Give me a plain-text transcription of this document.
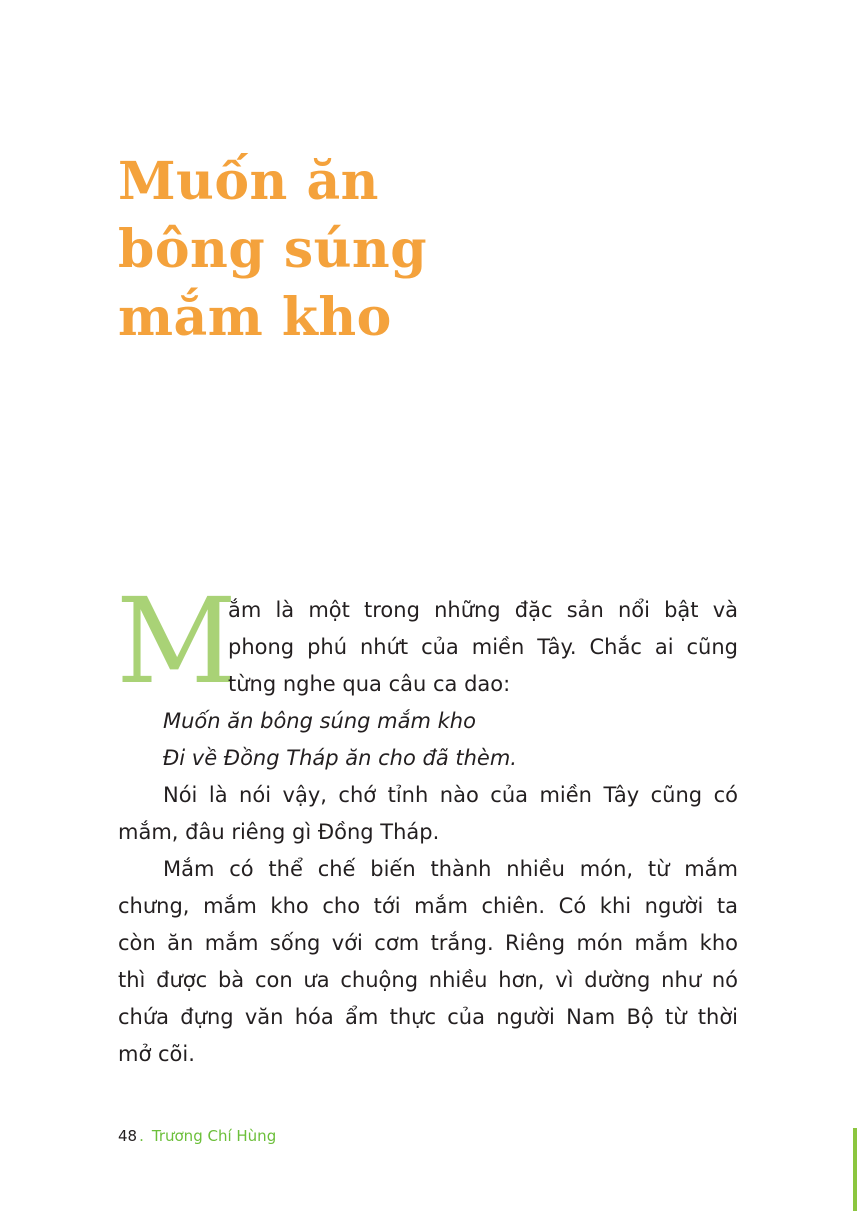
Muốn ăn
bông súng
mắm kho
M
ắm là một trong những đặc sản nổi bật và
phong phú nhứt của miền Tây. Chắc ai cũng
từng nghe qua câu ca dao:
Muốn ăn bông súng mắm kho
Đi về Đồng Tháp ăn cho đã thèm.
Nói là nói vậy, chớ tỉnh nào của miền Tây cũng có
mắm, đâu riêng gì Đồng Tháp.
Mắm có thể chế biến thành nhiều món, từ mắm
chưng, mắm kho cho tới mắm chiên. Có khi người ta
còn ăn mắm sống với cơm trắng. Riêng món mắm kho
thì được bà con ưa chuộng nhiều hơn, vì dường như nó
chứa đựng văn hóa ẩm thực của người Nam Bộ từ thời
mở cõi.
48 . Trương Chí Hùng
